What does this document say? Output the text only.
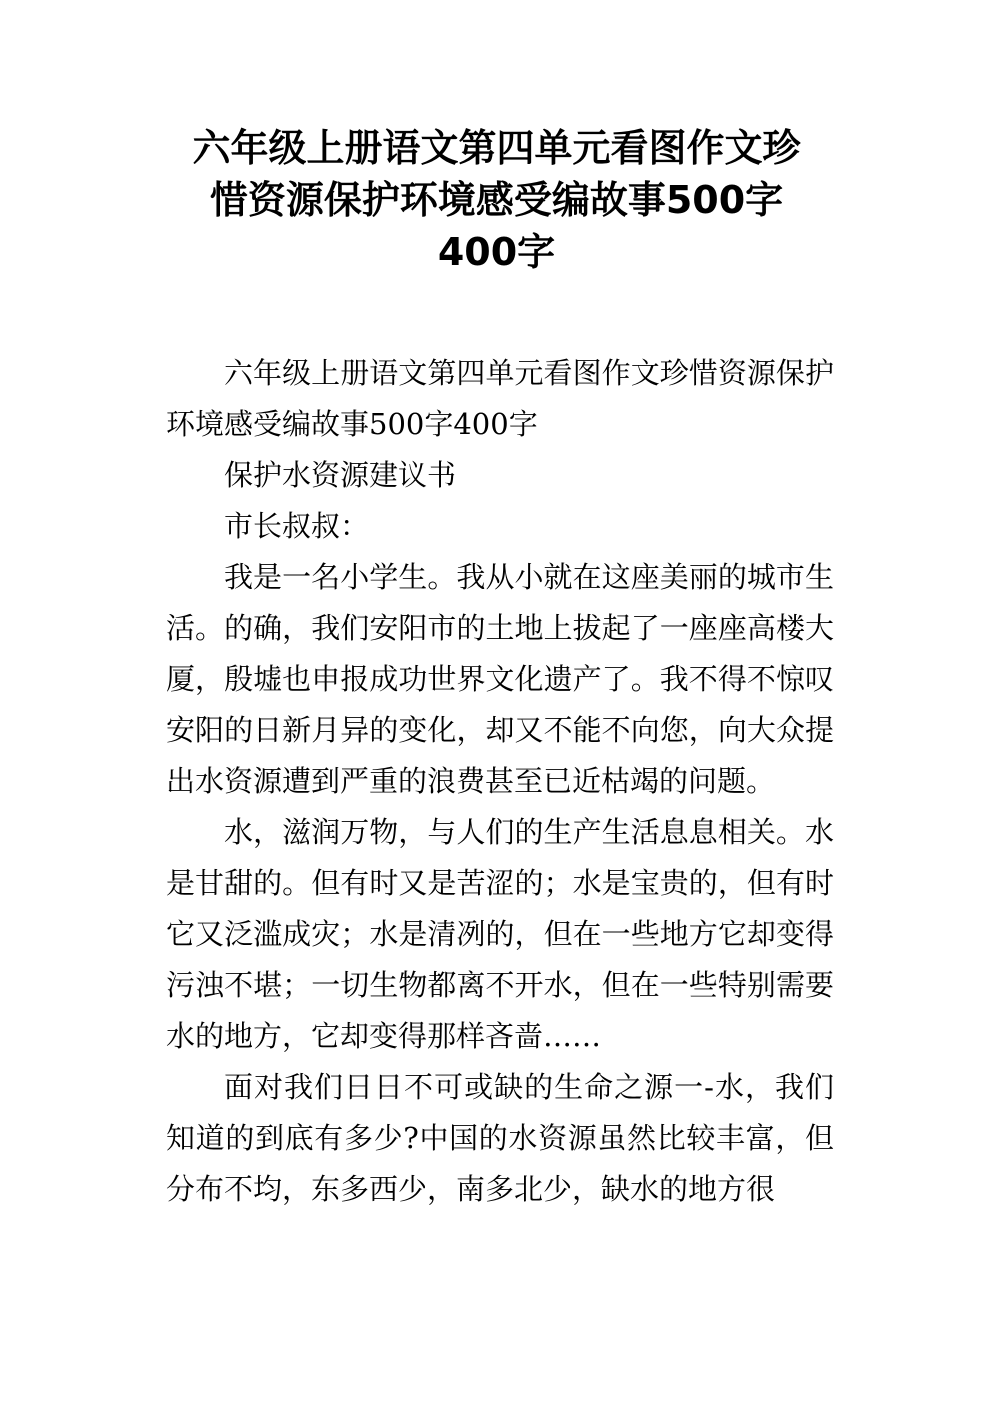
六年级上册语文第四单元看图作文珍
惜资源保护环境感受编故事500字
400字

六年级上册语文第四单元看图作文珍惜资源保护环境感受编故事500字400字

保护水资源建议书

市长叔叔：

我是一名小学生。我从小就在这座美丽的城市生活。的确，我们安阳市的土地上拔起了一座座高楼大厦，殷墟也申报成功世界文化遗产了。我不得不惊叹安阳的日新月异的变化，却又不能不向您，向大众提出水资源遭到严重的浪费甚至已近枯竭的问题。

水，滋润万物，与人们的生产生活息息相关。水是甘甜的。但有时又是苦涩的；水是宝贵的，但有时它又泛滥成灾；水是清冽的，但在一些地方它却变得污浊不堪；一切生物都离不开水，但在一些特别需要水的地方，它却变得那样吝啬……

面对我们日日不可或缺的生命之源一-水，我们知道的到底有多少?中国的水资源虽然比较丰富，但分布不均，东多西少，南多北少，缺水的地方很
